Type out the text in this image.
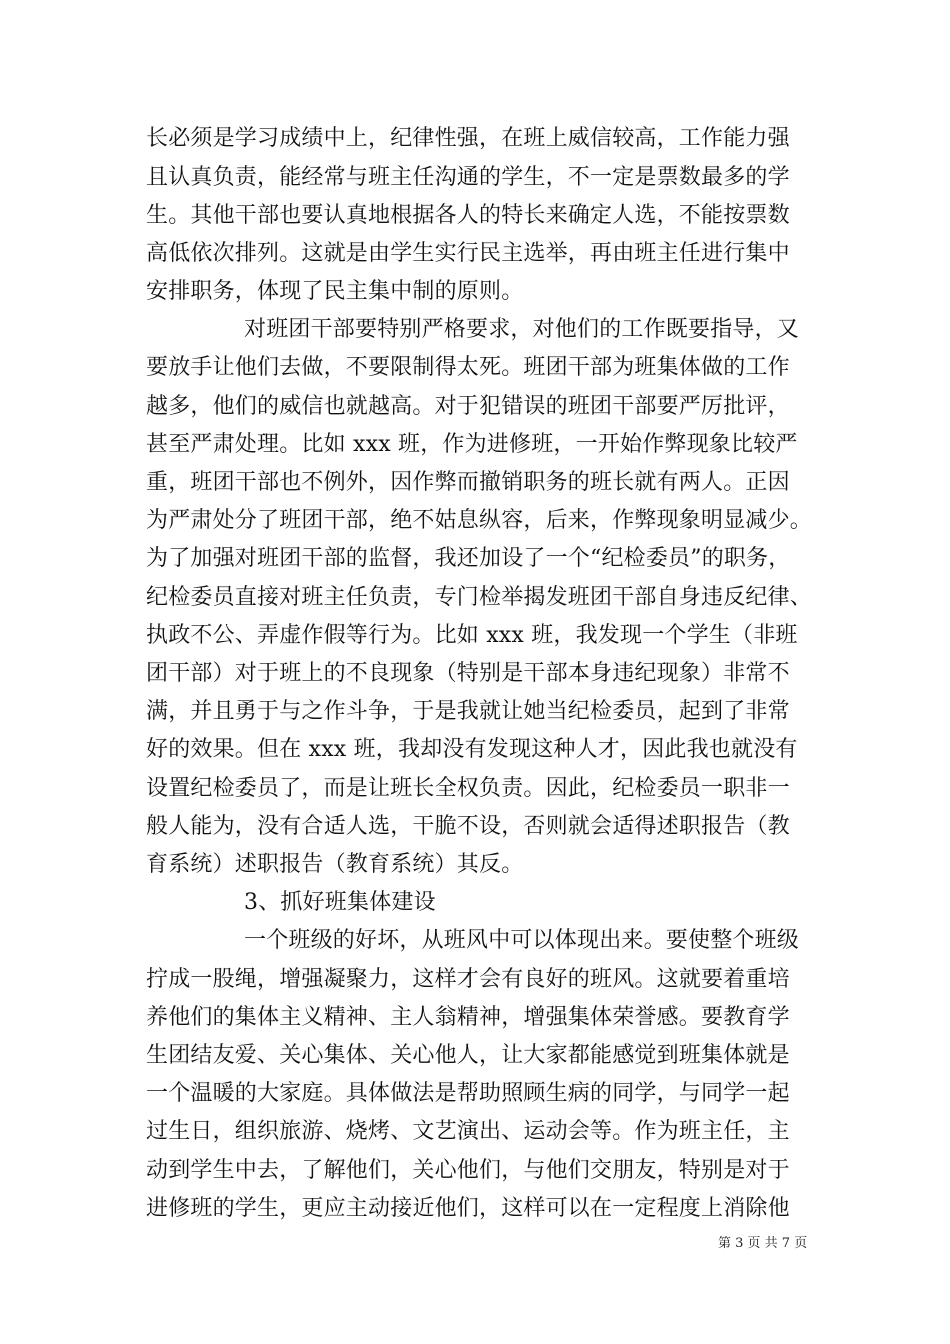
长必须是学习成绩中上，纪律性强，在班上威信较高，工作能力强
且认真负责，能经常与班主任沟通的学生，不一定是票数最多的学
生。其他干部也要认真地根据各人的特长来确定人选，不能按票数
高低依次排列。这就是由学生实行民主选举，再由班主任进行集中
安排职务，体现了民主集中制的原则。
对班团干部要特别严格要求，对他们的工作既要指导，又
要放手让他们去做，不要限制得太死。班团干部为班集体做的工作
越多，他们的威信也就越高。对于犯错误的班团干部要严厉批评，
甚至严肃处理。比如 xxx 班，作为进修班，一开始作弊现象比较严
重，班团干部也不例外，因作弊而撤销职务的班长就有两人。正因
为严肃处分了班团干部，绝不姑息纵容，后来，作弊现象明显减少。
为了加强对班团干部的监督，我还加设了一个“纪检委员”的职务，
纪检委员直接对班主任负责，专门检举揭发班团干部自身违反纪律、
执政不公、弄虚作假等行为。比如 xxx 班，我发现一个学生（非班
团干部）对于班上的不良现象（特别是干部本身违纪现象）非常不
满，并且勇于与之作斗争，于是我就让她当纪检委员，起到了非常
好的效果。但在 xxx 班，我却没有发现这种人才，因此我也就没有
设置纪检委员了，而是让班长全权负责。因此，纪检委员一职非一
般人能为，没有合适人选，干脆不设，否则就会适得述职报告（教
育系统）述职报告（教育系统）其反。
3、抓好班集体建设
一个班级的好坏，从班风中可以体现出来。要使整个班级
拧成一股绳，增强凝聚力，这样才会有良好的班风。这就要着重培
养他们的集体主义精神、主人翁精神，增强集体荣誉感。要教育学
生团结友爱、关心集体、关心他人，让大家都能感觉到班集体就是
一个温暖的大家庭。具体做法是帮助照顾生病的同学，与同学一起
过生日，组织旅游、烧烤、文艺演出、运动会等。作为班主任，主
动到学生中去，了解他们，关心他们，与他们交朋友，特别是对于
进修班的学生，更应主动接近他们，这样可以在一定程度上消除他
第 3 页 共 7 页
